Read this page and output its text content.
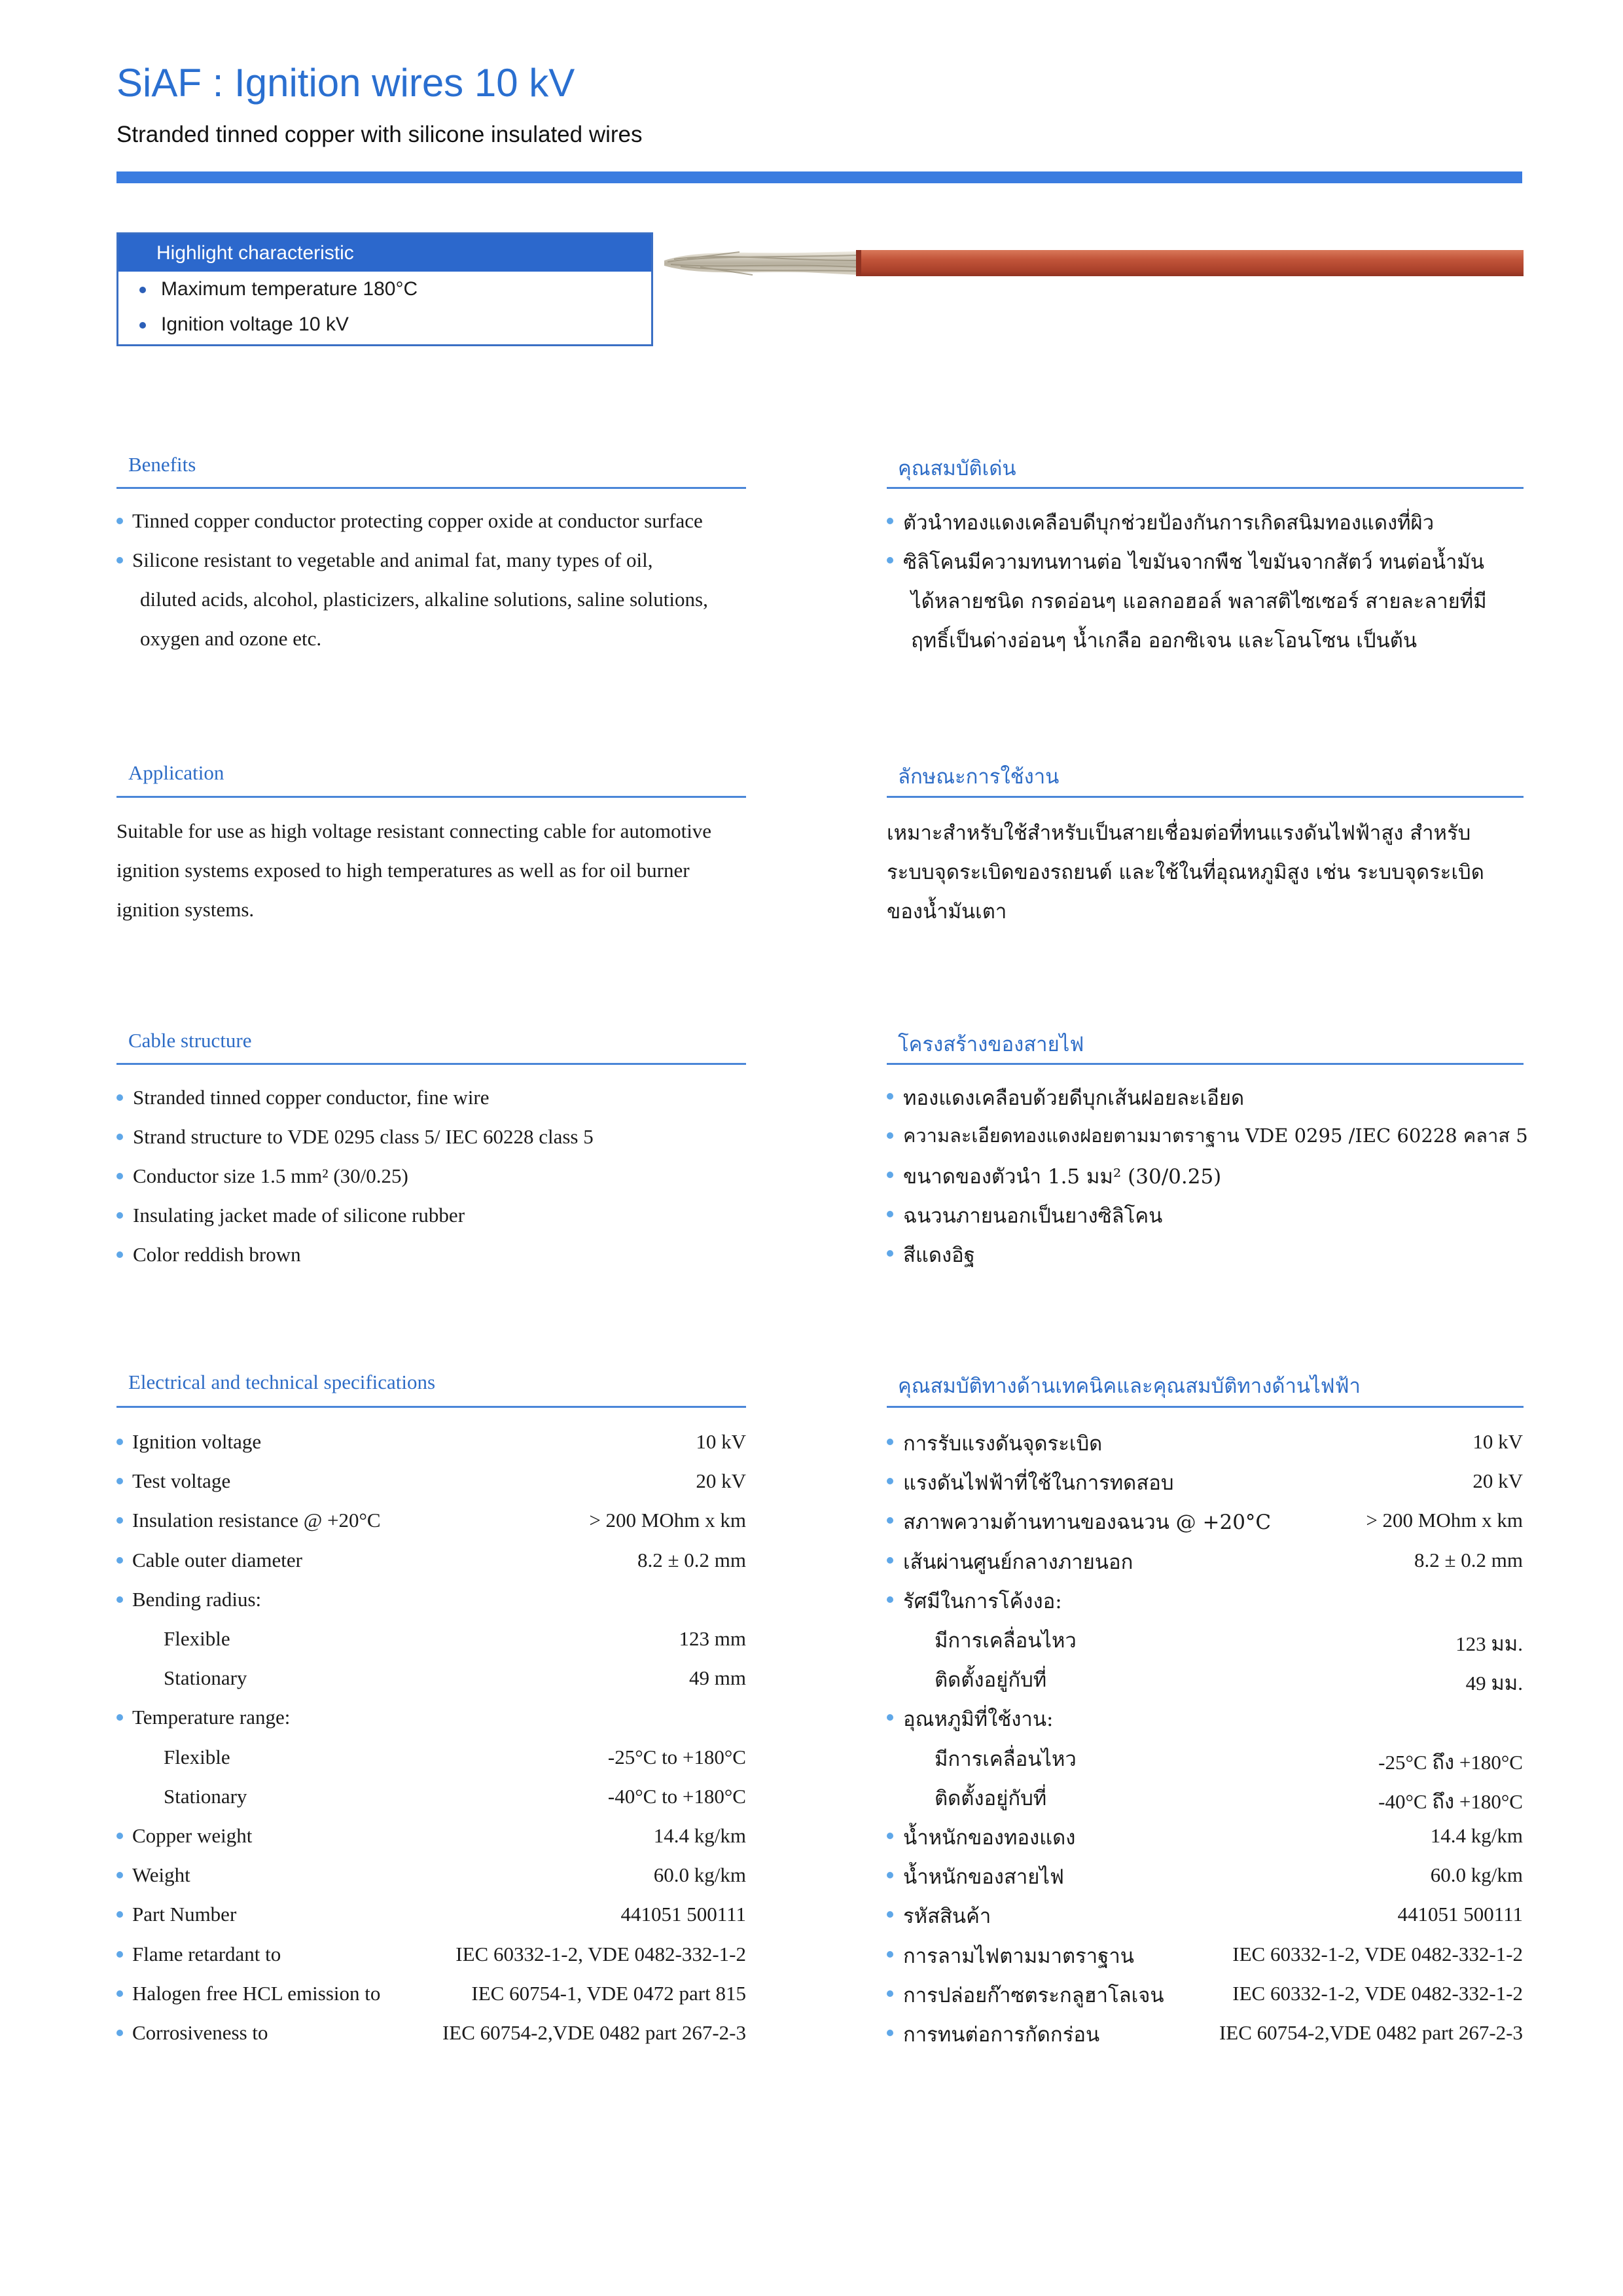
SiAF : Ignition wires 10 kV
Stranded tinned copper with silicone insulated wires
Highlight characteristic
Maximum temperature 180°C
Ignition voltage 10 kV
Benefits	คุณสมบัติเด่น
Tinned copper conductor protecting copper oxide at conductor surface
Silicone resistant to vegetable and animal fat, many types of oil,
diluted acids, alcohol, plasticizers, alkaline solutions, saline solutions,
oxygen and ozone etc.
ตัวนำทองแดงเคลือบดีบุกช่วยป้องกันการเกิดสนิมทองแดงที่ผิว
ซิลิโคนมีความทนทานต่อ ไขมันจากพืช ไขมันจากสัตว์ ทนต่อน้ำมัน
ได้หลายชนิด กรดอ่อนๆ แอลกอฮอล์ พลาสติไซเซอร์ สายละลายที่มี
ฤทธิ์เป็นด่างอ่อนๆ น้ำเกลือ ออกซิเจน และโอนโซน เป็นต้น
Application	ลักษณะการใช้งาน
Suitable for use as high voltage resistant connecting cable for automotive
ignition systems exposed to high temperatures as well as for oil burner
ignition systems.
เหมาะสำหรับใช้สำหรับเป็นสายเชื่อมต่อที่ทนแรงดันไฟฟ้าสูง สำหรับ
ระบบจุดระเบิดของรถยนต์ และใช้ในที่อุณหภูมิสูง เช่น ระบบจุดระเบิด
ของน้ำมันเตา
Cable structure	โครงสร้างของสายไฟ
Stranded tinned copper conductor, fine wire
Strand structure to VDE 0295 class 5/ IEC 60228 class 5
Conductor size 1.5 mm² (30/0.25)
Insulating jacket made of silicone rubber
Color reddish brown
ทองแดงเคลือบด้วยดีบุกเส้นฝอยละเอียด
ความละเอียดทองแดงฝอยตามมาตราฐาน VDE 0295 /IEC 60228 คลาส 5
ขนาดของตัวนำ 1.5 มม² (30/0.25)
ฉนวนภายนอกเป็นยางซิลิโคน
สีแดงอิฐ
Electrical and technical specifications	คุณสมบัติทางด้านเทคนิคและคุณสมบัติทางด้านไฟฟ้า
Ignition voltage	10 kV
Test voltage	20 kV
Insulation resistance @ +20°C	> 200 MOhm x km
Cable outer diameter	8.2 ± 0.2 mm
Bending radius:
Flexible	123 mm
Stationary	49 mm
Temperature range:
Flexible	-25°C to +180°C
Stationary	-40°C to +180°C
Copper weight	14.4 kg/km
Weight	60.0 kg/km
Part Number	441051 500111
Flame retardant to	IEC 60332-1-2, VDE 0482-332-1-2
Halogen free HCL emission to	IEC 60754-1, VDE 0472 part 815
Corrosiveness to	IEC 60754-2,VDE 0482 part 267-2-3
การรับแรงดันจุดระเบิด	10 kV
แรงดันไฟฟ้าที่ใช้ในการทดสอบ	20 kV
สภาพความต้านทานของฉนวน @ +20°C	> 200 MOhm x km
เส้นผ่านศูนย์กลางภายนอก	8.2 ± 0.2 mm
รัศมีในการโค้งงอ:
มีการเคลื่อนไหว	123 มม.
ติดตั้งอยู่กับที่	49 มม.
อุณหภูมิที่ใช้งาน:
มีการเคลื่อนไหว	-25°C ถึง +180°C
ติดตั้งอยู่กับที่	-40°C ถึง +180°C
น้ำหนักของทองแดง	14.4 kg/km
น้ำหนักของสายไฟ	60.0 kg/km
รหัสสินค้า	441051 500111
การลามไฟตามมาตราฐาน	IEC 60332-1-2, VDE 0482-332-1-2
การปล่อยก๊าซตระกลูฮาโลเจน	IEC 60332-1-2, VDE 0482-332-1-2
การทนต่อการกัดกร่อน	IEC 60754-2,VDE 0482 part 267-2-3
